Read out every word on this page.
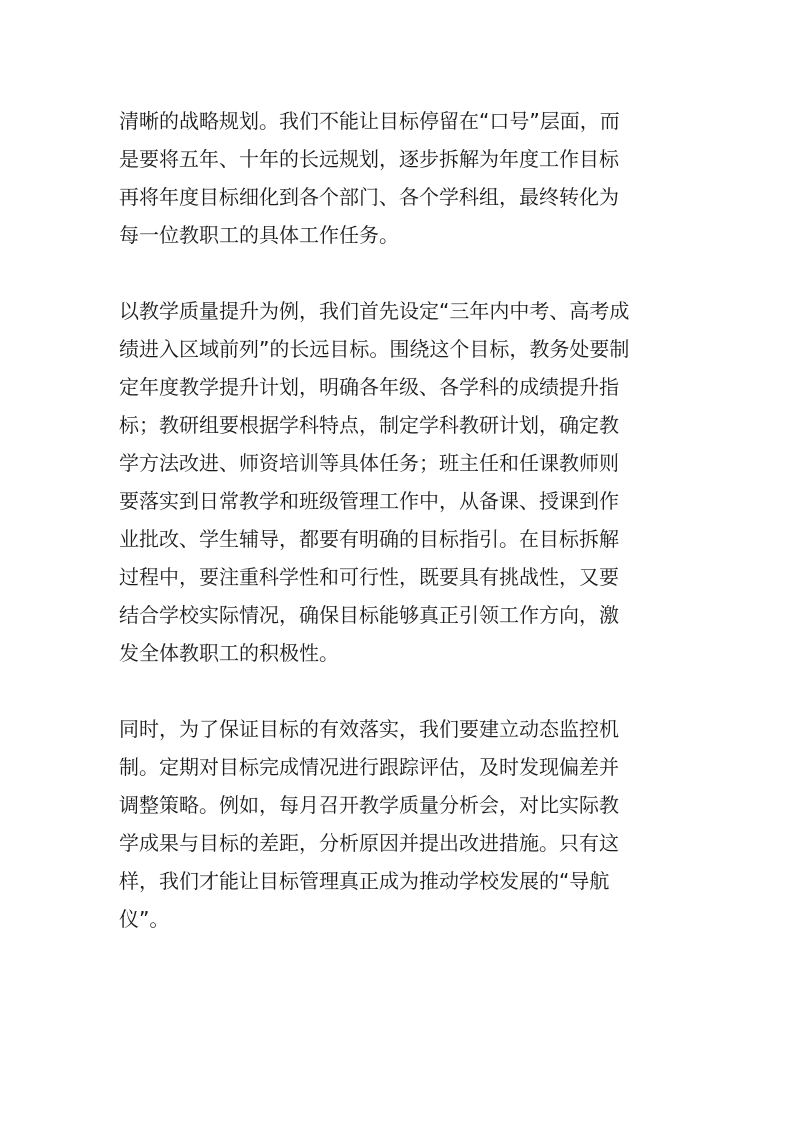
清晰的战略规划。我们不能让目标停留在“口号”层面，而
是要将五年、十年的长远规划，逐步拆解为年度工作目标
再将年度目标细化到各个部门、各个学科组，最终转化为
每一位教职工的具体工作任务。

以教学质量提升为例，我们首先设定“三年内中考、高考成
绩进入区域前列”的长远目标。围绕这个目标，教务处要制
定年度教学提升计划，明确各年级、各学科的成绩提升指
标；教研组要根据学科特点，制定学科教研计划，确定教
学方法改进、师资培训等具体任务；班主任和任课教师则
要落实到日常教学和班级管理工作中，从备课、授课到作
业批改、学生辅导，都要有明确的目标指引。在目标拆解
过程中，要注重科学性和可行性，既要具有挑战性，又要
结合学校实际情况，确保目标能够真正引领工作方向，激
发全体教职工的积极性。

同时，为了保证目标的有效落实，我们要建立动态监控机
制。定期对目标完成情况进行跟踪评估，及时发现偏差并
调整策略。例如，每月召开教学质量分析会，对比实际教
学成果与目标的差距，分析原因并提出改进措施。只有这
样，我们才能让目标管理真正成为推动学校发展的“导航
仪”。
